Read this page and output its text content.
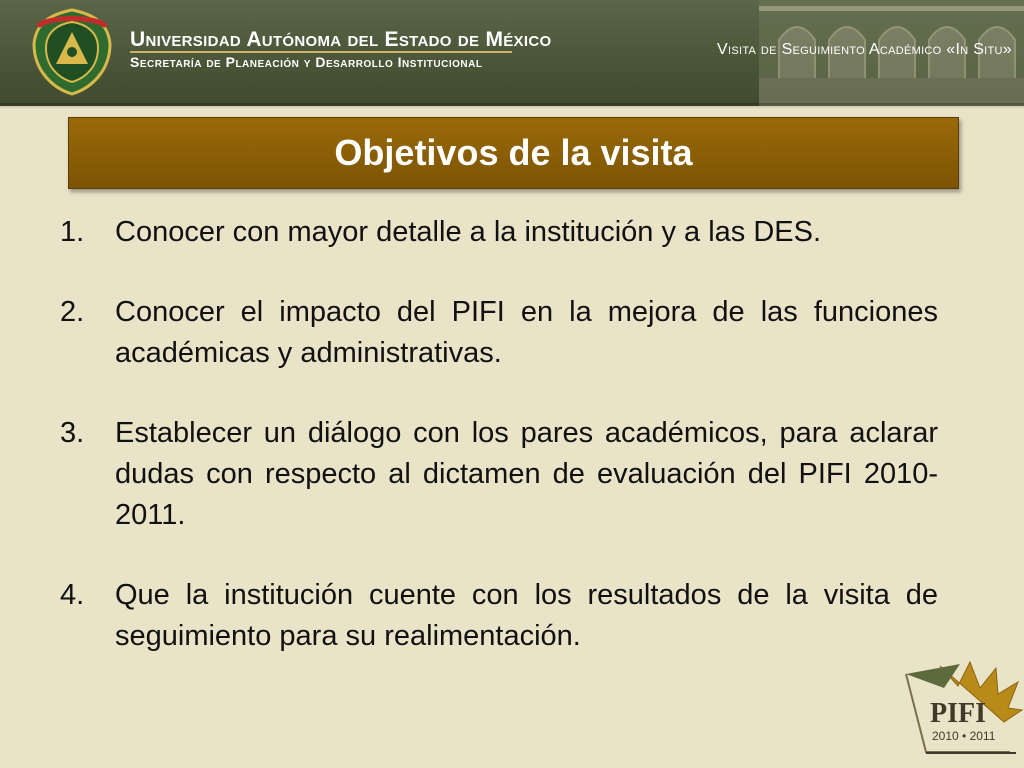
Universidad Autónoma del Estado de México
Secretaría de Planeación y Desarrollo Institucional
Visita de Seguimiento Académico «In Situ»
Objetivos de la visita
1.	Conocer con mayor detalle a la institución y a las DES.
2.	Conocer el impacto del PIFI en la mejora de las funciones académicas y administrativas.
3.	Establecer un diálogo con los pares académicos, para aclarar dudas con respecto al dictamen de evaluación del PIFI 2010-2011.
4.	Que la institución cuente con los resultados de la visita de seguimiento para su realimentación.
PIFI
2010 • 2011
